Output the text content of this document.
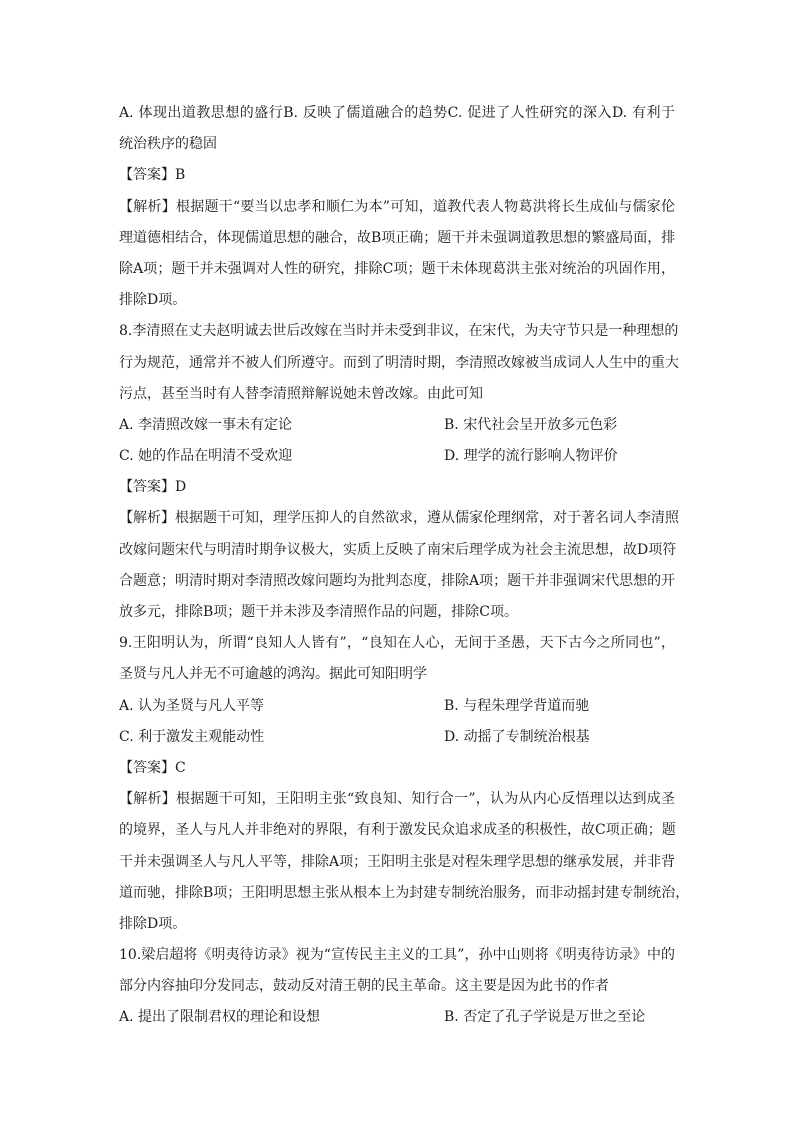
A. 体现出道教思想的盛行B. 反映了儒道融合的趋势C. 促进了人性研究的深入D. 有利于
统治秩序的稳固
【答案】B
【解析】根据题干“要当以忠孝和顺仁为本”可知，道教代表人物葛洪将长生成仙与儒家伦
理道德相结合，体现儒道思想的融合，故B项正确；题干并未强调道教思想的繁盛局面，排
除A项；题干并未强调对人性的研究，排除C项；题干未体现葛洪主张对统治的巩固作用，
排除D项。
8.李清照在丈夫赵明诚去世后改嫁在当时并未受到非议，在宋代，为夫守节只是一种理想的
行为规范，通常并不被人们所遵守。而到了明清时期，李清照改嫁被当成词人人生中的重大
污点，甚至当时有人替李清照辩解说她未曾改嫁。由此可知
A. 李清照改嫁一事未有定论	B. 宋代社会呈开放多元色彩
C. 她的作品在明清不受欢迎	D. 理学的流行影响人物评价
【答案】D
【解析】根据题干可知，理学压抑人的自然欲求，遵从儒家伦理纲常，对于著名词人李清照
改嫁问题宋代与明清时期争议极大，实质上反映了南宋后理学成为社会主流思想，故D项符
合题意；明清时期对李清照改嫁问题均为批判态度，排除A项；题干并非强调宋代思想的开
放多元，排除B项；题干并未涉及李清照作品的问题，排除C项。
9.王阳明认为，所谓“良知人人皆有”，“良知在人心，无间于圣愚，天下古今之所同也”，
圣贤与凡人并无不可逾越的鸿沟。据此可知阳明学
A. 认为圣贤与凡人平等	B. 与程朱理学背道而驰
C. 利于激发主观能动性	D. 动摇了专制统治根基
【答案】C
【解析】根据题干可知，王阳明主张“致良知、知行合一”，认为从内心反悟理以达到成圣
的境界，圣人与凡人并非绝对的界限，有利于激发民众追求成圣的积极性，故C项正确；题
干并未强调圣人与凡人平等，排除A项；王阳明主张是对程朱理学思想的继承发展，并非背
道而驰，排除B项；王阳明思想主张从根本上为封建专制统治服务，而非动摇封建专制统治，
排除D项。
10.梁启超将《明夷待访录》视为“宣传民主主义的工具”，孙中山则将《明夷待访录》中的
部分内容抽印分发同志，鼓动反对清王朝的民主革命。这主要是因为此书的作者
A. 提出了限制君权的理论和设想	B. 否定了孔子学说是万世之至论
